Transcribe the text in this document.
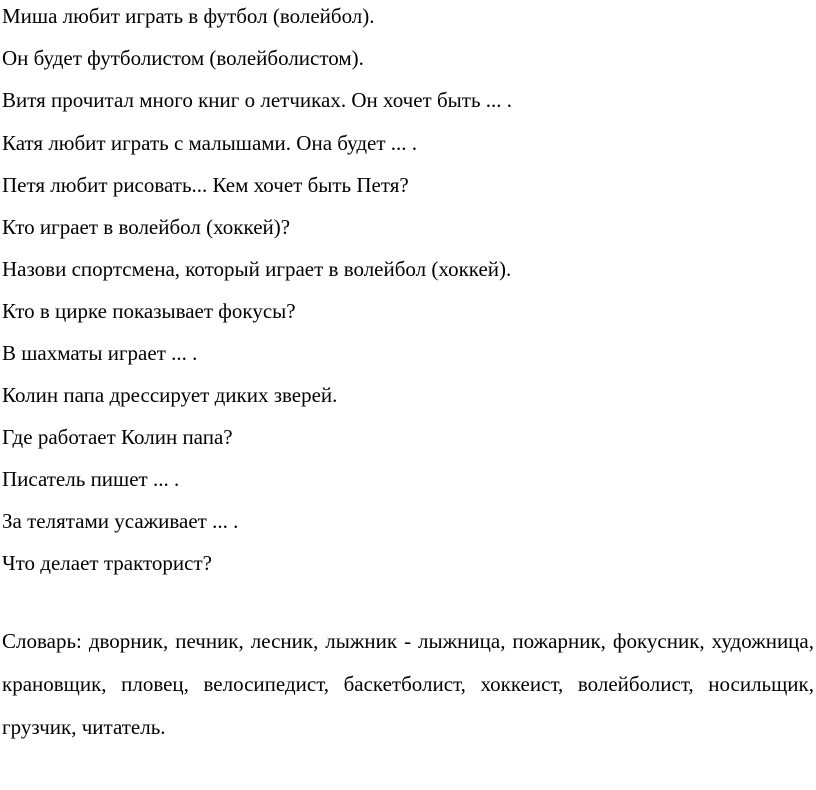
Миша любит играть в футбол (волейбол).
Он будет футболистом (волейболистом).
Витя прочитал много книг о летчиках. Он хочет быть ... .
Катя любит играть с малышами. Она будет ... .
Петя любит рисовать... Кем хочет быть Петя?
Кто играет в волейбол (хоккей)?
Назови спортсмена, который играет в волейбол (хоккей).
Кто в цирке показывает фокусы?
В шахматы играет ... .
Колин папа дрессирует диких зверей.
Где работает Колин папа?
Писатель пишет ... .
За телятами усаживает ... .
Что делает тракторист?
Словарь: дворник, печник, лесник, лыжник - лыжница, пожарник, фокусник, художница, крановщик, пловец, велосипедист, баскетболист, хоккеист, волейболист, носильщик, грузчик, читатель.
